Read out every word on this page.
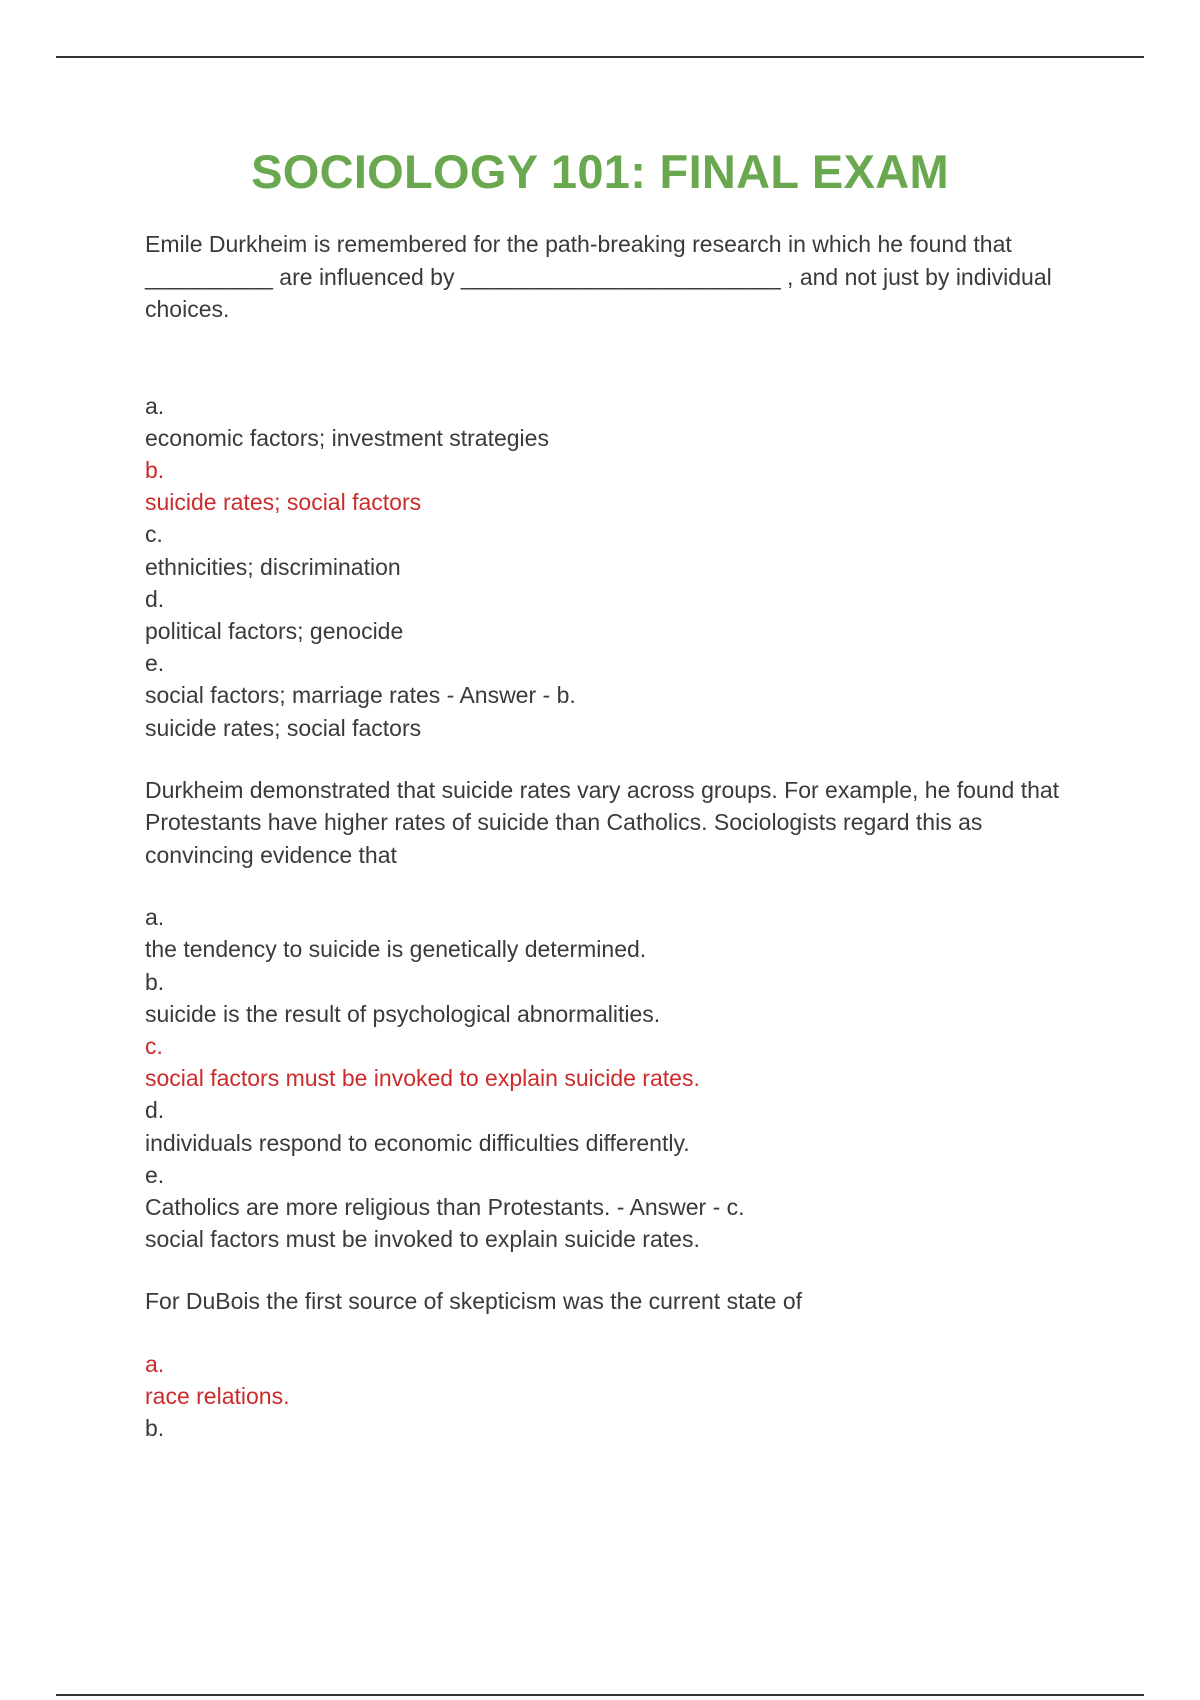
SOCIOLOGY 101: FINAL EXAM

Emile Durkheim is remembered for the path-breaking research in which he found that __________ are influenced by _________________________ , and not just by individual choices.

a.
economic factors; investment strategies
b.
suicide rates; social factors
c.
ethnicities; discrimination
d.
political factors; genocide
e.
social factors; marriage rates - Answer - b.
suicide rates; social factors

Durkheim demonstrated that suicide rates vary across groups. For example, he found that Protestants have higher rates of suicide than Catholics. Sociologists regard this as convincing evidence that

a.
the tendency to suicide is genetically determined.
b.
suicide is the result of psychological abnormalities.
c.
social factors must be invoked to explain suicide rates.
d.
individuals respond to economic difficulties differently.
e.
Catholics are more religious than Protestants. - Answer - c.
social factors must be invoked to explain suicide rates.

For DuBois the first source of skepticism was the current state of

a.
race relations.
b.
